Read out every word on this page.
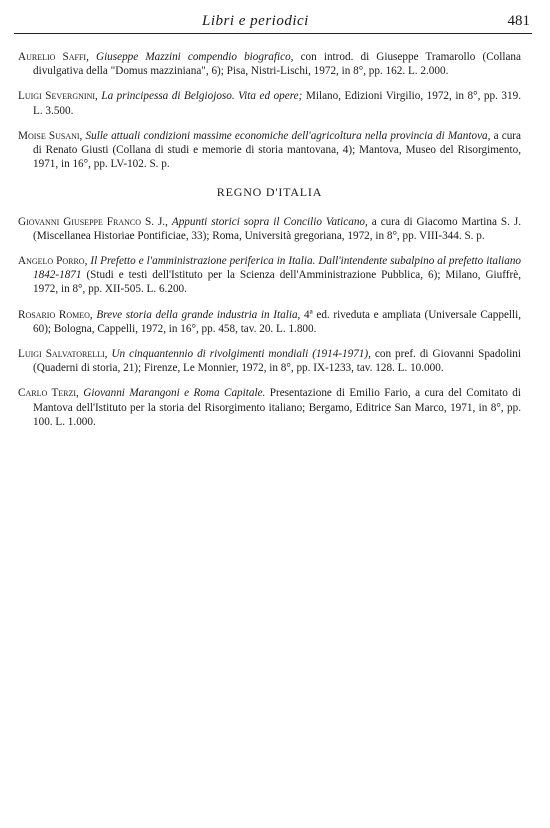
Libri e periodici	481

Aurelio Saffi, Giuseppe Mazzini compendio biografico, con introd. di Giuseppe Tramarollo (Collana divulgativa della "Domus mazziniana", 6); Pisa, Nistri-Lischi, 1972, in 8°, pp. 162. L. 2.000.

Luigi Severgnini, La principessa di Belgiojoso. Vita ed opere; Milano, Edizioni Virgilio, 1972, in 8°, pp. 319. L. 3.500.

Moise Susani, Sulle attuali condizioni massime economiche dell'agricoltura nella provincia di Mantova, a cura di Renato Giusti (Collana di studi e memorie di storia mantovana, 4); Mantova, Museo del Risorgimento, 1971, in 16°, pp. LV-102. S. p.

REGNO D'ITALIA

Giovanni Giuseppe Franco S. J., Appunti storici sopra il Concilio Vaticano, a cura di Giacomo Martina S. J. (Miscellanea Historiae Pontificiae, 33); Roma, Università gregoriana, 1972, in 8°, pp. VIII-344. S. p.

Angelo Porro, Il Prefetto e l'amministrazione periferica in Italia. Dall'intendente subalpino al prefetto italiano 1842-1871 (Studi e testi dell'Istituto per la Scienza dell'Amministrazione Pubblica, 6); Milano, Giuffrè, 1972, in 8°, pp. XII-505. L. 6.200.

Rosario Romeo, Breve storia della grande industria in Italia, 4ª ed. riveduta e ampliata (Universale Cappelli, 60); Bologna, Cappelli, 1972, in 16°, pp. 458, tav. 20. L. 1.800.

Luigi Salvatorelli, Un cinquantennio di rivolgimenti mondiali (1914-1971), con pref. di Giovanni Spadolini (Quaderni di storia, 21); Firenze, Le Monnier, 1972, in 8°, pp. IX-1233, tav. 128. L. 10.000.

Carlo Terzi, Giovanni Marangoni e Roma Capitale. Presentazione di Emilio Fario, a cura del Comitato di Mantova dell'Istituto per la storia del Risorgimento italiano; Bergamo, Editrice San Marco, 1971, in 8°, pp. 100. L. 1.000.
